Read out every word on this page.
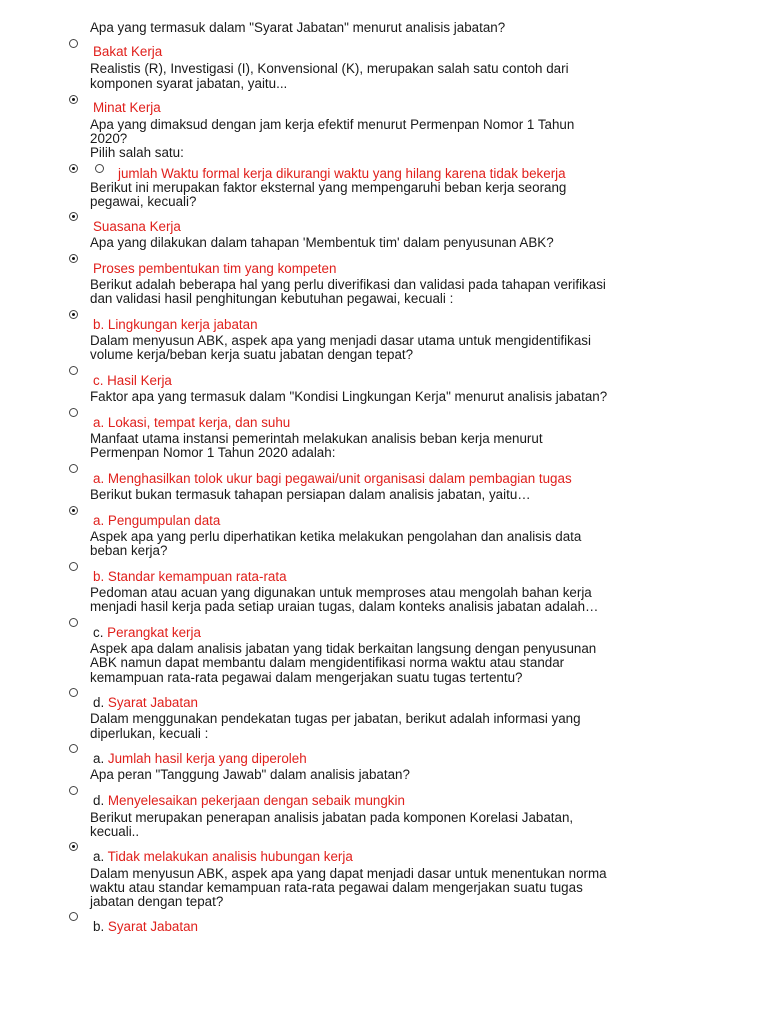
Apa yang termasuk dalam "Syarat Jabatan" menurut analisis jabatan?
Bakat Kerja
Realistis (R), Investigasi (I), Konvensional (K), merupakan salah satu contoh dari
komponen syarat jabatan, yaitu...
Minat Kerja
Apa yang dimaksud dengan jam kerja efektif menurut Permenpan Nomor 1 Tahun
2020?
Pilih salah satu:
jumlah Waktu formal kerja dikurangi waktu yang hilang karena tidak bekerja
Berikut ini merupakan faktor eksternal yang mempengaruhi beban kerja seorang
pegawai, kecuali?
Suasana Kerja
Apa yang dilakukan dalam tahapan 'Membentuk tim' dalam penyusunan ABK?
Proses pembentukan tim yang kompeten
Berikut adalah beberapa hal yang perlu diverifikasi dan validasi pada tahapan verifikasi
dan validasi hasil penghitungan kebutuhan pegawai, kecuali :
b. Lingkungan kerja jabatan
Dalam menyusun ABK, aspek apa yang menjadi dasar utama untuk mengidentifikasi
volume kerja/beban kerja suatu jabatan dengan tepat?
c. Hasil Kerja
Faktor apa yang termasuk dalam "Kondisi Lingkungan Kerja" menurut analisis jabatan?
a. Lokasi, tempat kerja, dan suhu
Manfaat utama instansi pemerintah melakukan analisis beban kerja menurut
Permenpan Nomor 1 Tahun 2020 adalah:
a. Menghasilkan tolok ukur bagi pegawai/unit organisasi dalam pembagian tugas
Berikut bukan termasuk tahapan persiapan dalam analisis jabatan, yaitu…
a. Pengumpulan data
Aspek apa yang perlu diperhatikan ketika melakukan pengolahan dan analisis data
beban kerja?
b. Standar kemampuan rata-rata
Pedoman atau acuan yang digunakan untuk memproses atau mengolah bahan kerja
menjadi hasil kerja pada setiap uraian tugas, dalam konteks analisis jabatan adalah…
c. Perangkat kerja
Aspek apa dalam analisis jabatan yang tidak berkaitan langsung dengan penyusunan
ABK namun dapat membantu dalam mengidentifikasi norma waktu atau standar
kemampuan rata-rata pegawai dalam mengerjakan suatu tugas tertentu?
d. Syarat Jabatan
Dalam menggunakan pendekatan tugas per jabatan, berikut adalah informasi yang
diperlukan, kecuali :
a. Jumlah hasil kerja yang diperoleh
Apa peran "Tanggung Jawab" dalam analisis jabatan?
d. Menyelesaikan pekerjaan dengan sebaik mungkin
Berikut merupakan penerapan analisis jabatan pada komponen Korelasi Jabatan,
kecuali..
a. Tidak melakukan analisis hubungan kerja
Dalam menyusun ABK, aspek apa yang dapat menjadi dasar untuk menentukan norma
waktu atau standar kemampuan rata-rata pegawai dalam mengerjakan suatu tugas
jabatan dengan tepat?
b. Syarat Jabatan
